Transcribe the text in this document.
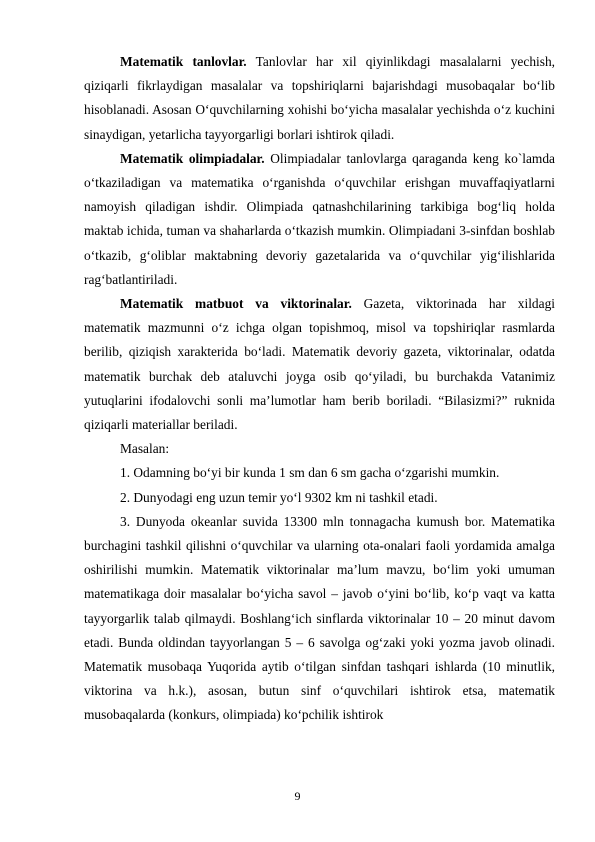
Matematik tanlovlar. Tanlovlar har xil qiyinlikdagi masalalarni yechish, qiziqarli fikrlaydigan masalalar va topshiriqlarni bajarishdagi musobaqalar bo‘lib hisoblanadi. Asosan O‘quvchilarning xohishi bo‘yicha masalalar yechishda o‘z kuchini sinaydigan, yetarlicha tayyorgarligi borlari ishtirok qiladi.

Matematik olimpiadalar. Olimpiadalar tanlovlarga qaraganda keng ko`lamda o‘tkaziladigan va matematika o‘rganishda o‘quvchilar erishgan muvaffaqiyatlarni namoyish qiladigan ishdir. Olimpiada qatnashchilarining tarkibiga bog‘liq holda maktab ichida, tuman va shaharlarda o‘tkazish mumkin. Olimpiadani 3-sinfdan boshlab o‘tkazib, g‘oliblar maktabning devoriy gazetalarida va o‘quvchilar yig‘ilishlarida rag‘batlantiriladi.

Matematik matbuot va viktorinalar. Gazeta, viktorinada har xildagi matematik mazmunni o‘z ichga olgan topishmoq, misol va topshiriqlar rasmlarda berilib, qiziqish xarakterida bo‘ladi. Matematik devoriy gazeta, viktorinalar, odatda matematik burchak deb ataluvchi joyga osib qo‘yiladi, bu burchakda Vatanimiz yutuqlarini ifodalovchi sonli ma’lumotlar ham berib boriladi. “Bilasizmi?” ruknida qiziqarli materiallar beriladi.

Masalan:

1. Odamning bo‘yi bir kunda 1 sm dan 6 sm gacha o‘zgarishi mumkin.

2. Dunyodagi eng uzun temir yo‘l 9302 km ni tashkil etadi.

3. Dunyoda okeanlar suvida 13300 mln tonnagacha kumush bor. Matematika burchagini tashkil qilishni o‘quvchilar va ularning ota-onalari faoli yordamida amalga oshirilishi mumkin. Matematik viktorinalar ma’lum mavzu, bo‘lim yoki umuman matematikaga doir masalalar bo‘yicha savol – javob o‘yini bo‘lib, ko‘p vaqt va katta tayyorgarlik talab qilmaydi. Boshlang‘ich sinflarda viktorinalar 10 – 20 minut davom etadi. Bunda oldindan tayyorlangan 5 – 6 savolga og‘zaki yoki yozma javob olinadi. Matematik musobaqa Yuqorida aytib o‘tilgan sinfdan tashqari ishlarda (10 minutlik, viktorina va h.k.), asosan, butun sinf o‘quvchilari ishtirok etsa, matematik musobaqalarda (konkurs, olimpiada) ko‘pchilik ishtirok

9
